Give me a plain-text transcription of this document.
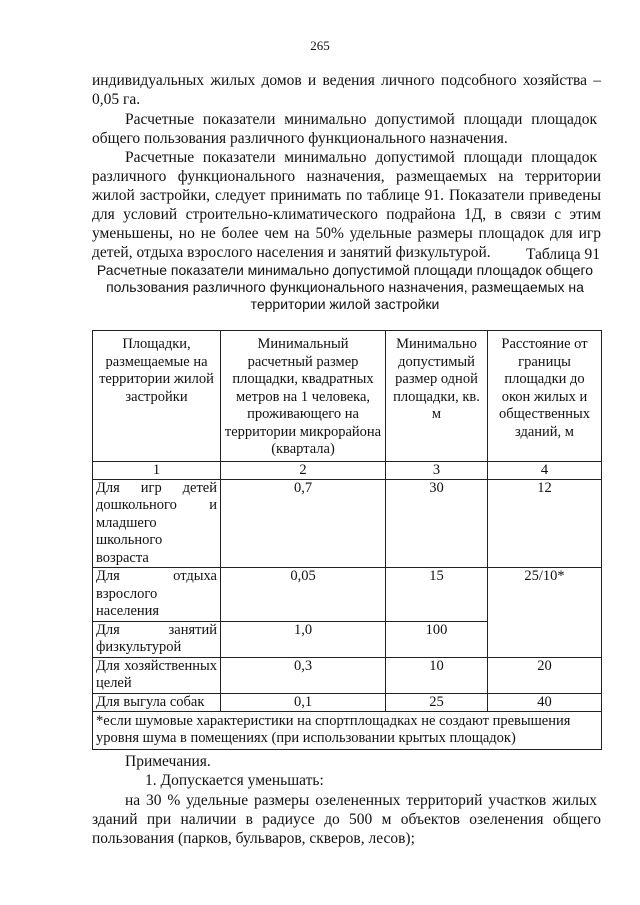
265

индивидуальных жилых домов и ведения личного подсобного хозяйства –

0,05 га.

Расчетные показатели минимально допустимой площади площадок

общего пользования различного функционального назначения.

Расчетные показатели минимально допустимой площади площадок

различного функционального назначения, размещаемых на территории

жилой застройки, следует принимать по таблице 91. Показатели приведены

для условий строительно-климатического подрайона 1Д, в связи с этим

уменьшены, но не более чем на 50% удельные размеры площадок для игр

детей, отдыха взрослого населения и занятий физкультурой.	Таблица 91
Расчетные показатели минимально допустимой площади площадок общего
пользования различного функционального назначения, размещаемых на
территории жилой застройки
Площадки, размещаемые на территории жилой застройки	Минимальный расчетный размер площадки, квадратных метров на 1 человека, проживающего на территории микрорайона (квартала)	Минимально допустимый размер одной площадки, кв. м	Расстояние от границы площадки до окон жилых и общественных зданий, м
1	2	3	4
Для игр детей дошкольного и младшего школьного возраста	0,7	30	12
Для отдыха взрослого населения	0,05	15	25/10*
Для занятий физкультурой	1,0	100	
Для хозяйственных целей	0,3	10	20
Для выгула собак	0,1	25	40
*если шумовые характеристики на спортплощадках не создают превышения уровня шума в помещениях (при использовании крытых площадок)			

Примечания.

1. Допускается уменьшать:

на 30 % удельные размеры озелененных территорий участков жилых

зданий при наличии в радиусе до 500 м объектов озеленения общего

пользования (парков, бульваров, скверов, лесов);
